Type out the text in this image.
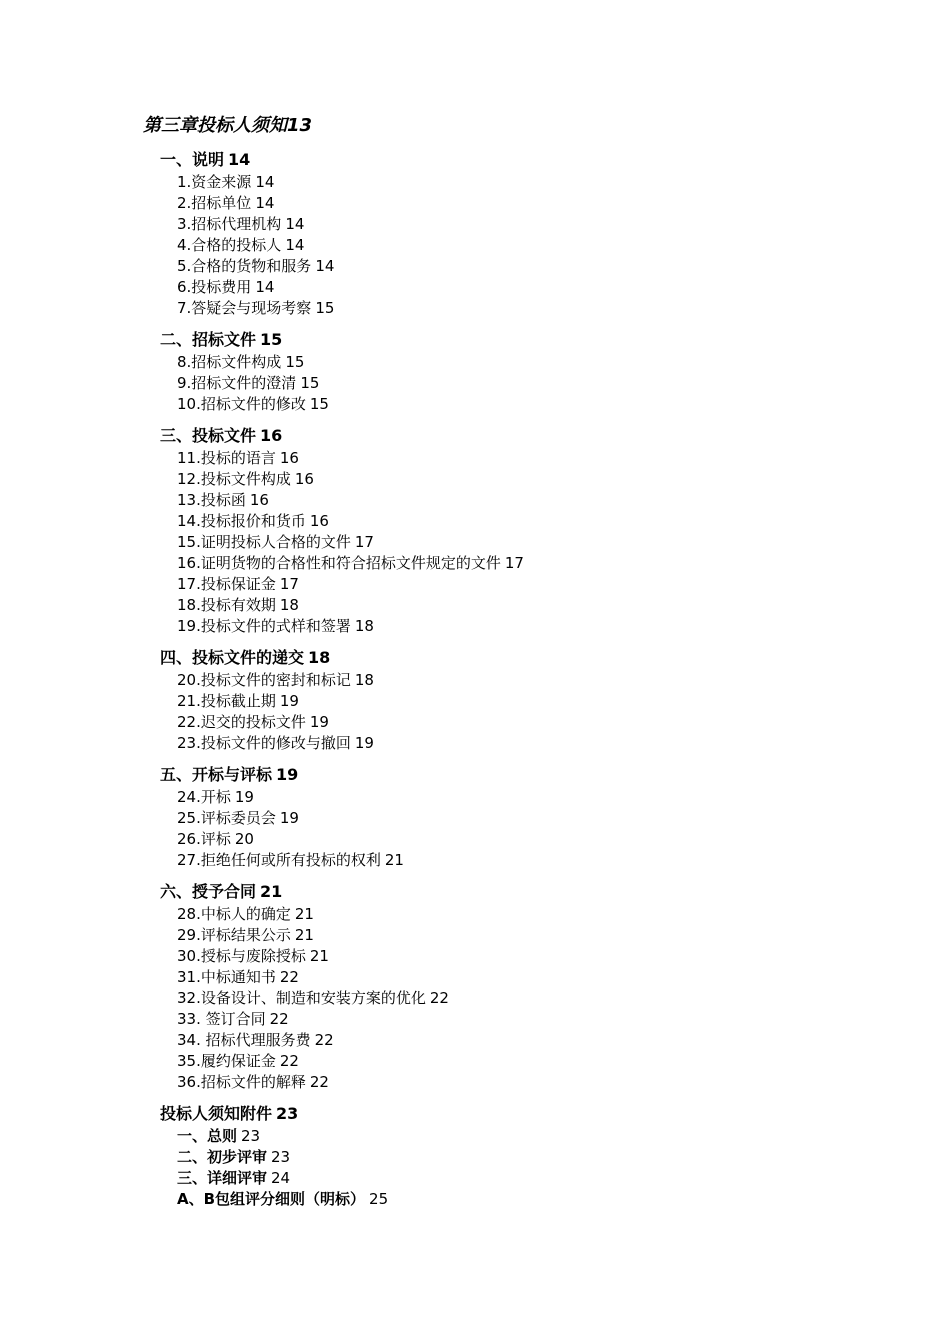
第三章投标人须知13
一、说明 14
1.资金来源 14
2.招标单位 14
3.招标代理机构 14
4.合格的投标人 14
5.合格的货物和服务 14
6.投标费用 14
7.答疑会与现场考察 15
二、招标文件 15
8.招标文件构成 15
9.招标文件的澄清 15
10.招标文件的修改 15
三、投标文件 16
11.投标的语言 16
12.投标文件构成 16
13.投标函 16
14.投标报价和货币 16
15.证明投标人合格的文件 17
16.证明货物的合格性和符合招标文件规定的文件 17
17.投标保证金 17
18.投标有效期 18
19.投标文件的式样和签署 18
四、投标文件的递交 18
20.投标文件的密封和标记 18
21.投标截止期 19
22.迟交的投标文件 19
23.投标文件的修改与撤回 19
五、开标与评标 19
24.开标 19
25.评标委员会 19
26.评标 20
27.拒绝任何或所有投标的权利 21
六、授予合同 21
28.中标人的确定 21
29.评标结果公示 21
30.授标与废除授标 21
31.中标通知书 22
32.设备设计、制造和安装方案的优化 22
33. 签订合同 22
34. 招标代理服务费 22
35.履约保证金 22
36.招标文件的解释 22
投标人须知附件 23
一、总则 23
二、初步评审 23
三、详细评审 24
A、B包组评分细则（明标） 25
